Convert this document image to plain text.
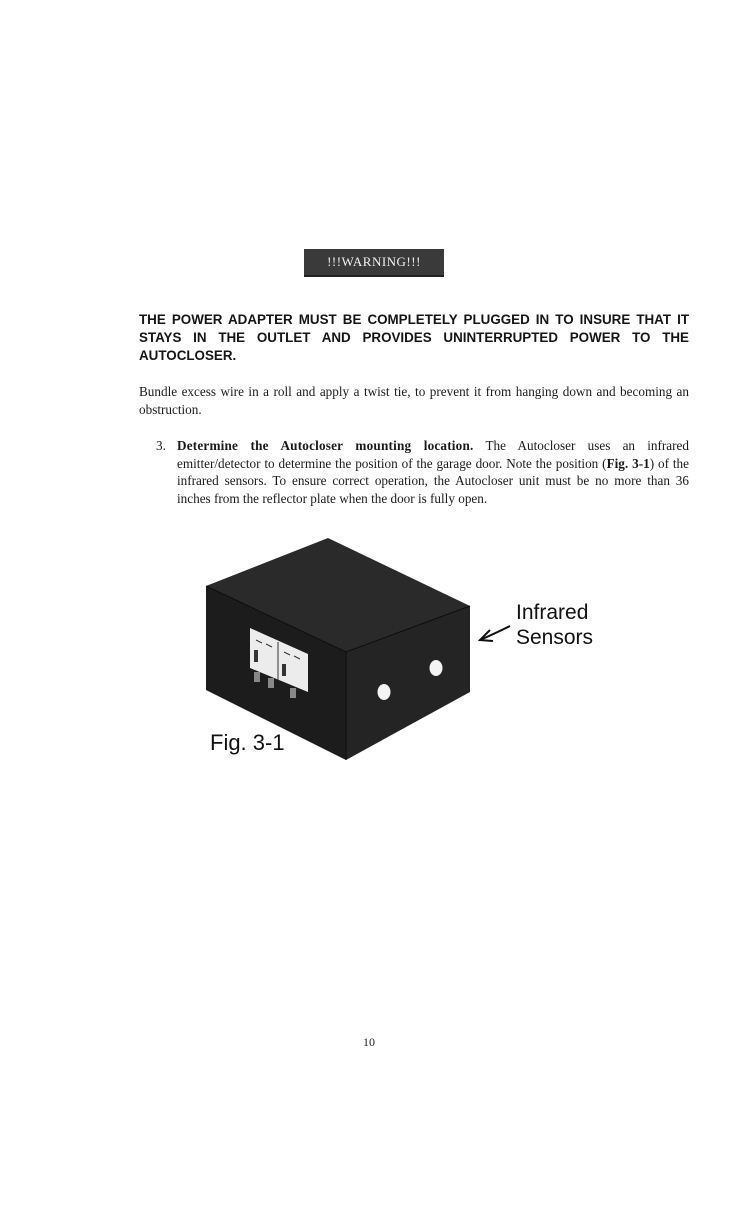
!!!WARNING!!!

THE POWER ADAPTER MUST BE COMPLETELY PLUGGED IN TO INSURE THAT IT STAYS IN THE OUTLET AND PROVIDES UNINTERRUPTED POWER TO THE AUTOCLOSER.

Bundle excess wire in a roll and apply a twist tie, to prevent it from hanging down and becoming an obstruction.

3. Determine the Autocloser mounting location. The Autocloser uses an infrared emitter/detector to determine the position of the garage door. Note the position (Fig. 3-1) of the infrared sensors. To ensure correct operation, the Autocloser unit must be no more than 36 inches from the reflector plate when the door is fully open.

Infrared
Sensors
Fig. 3-1
10
